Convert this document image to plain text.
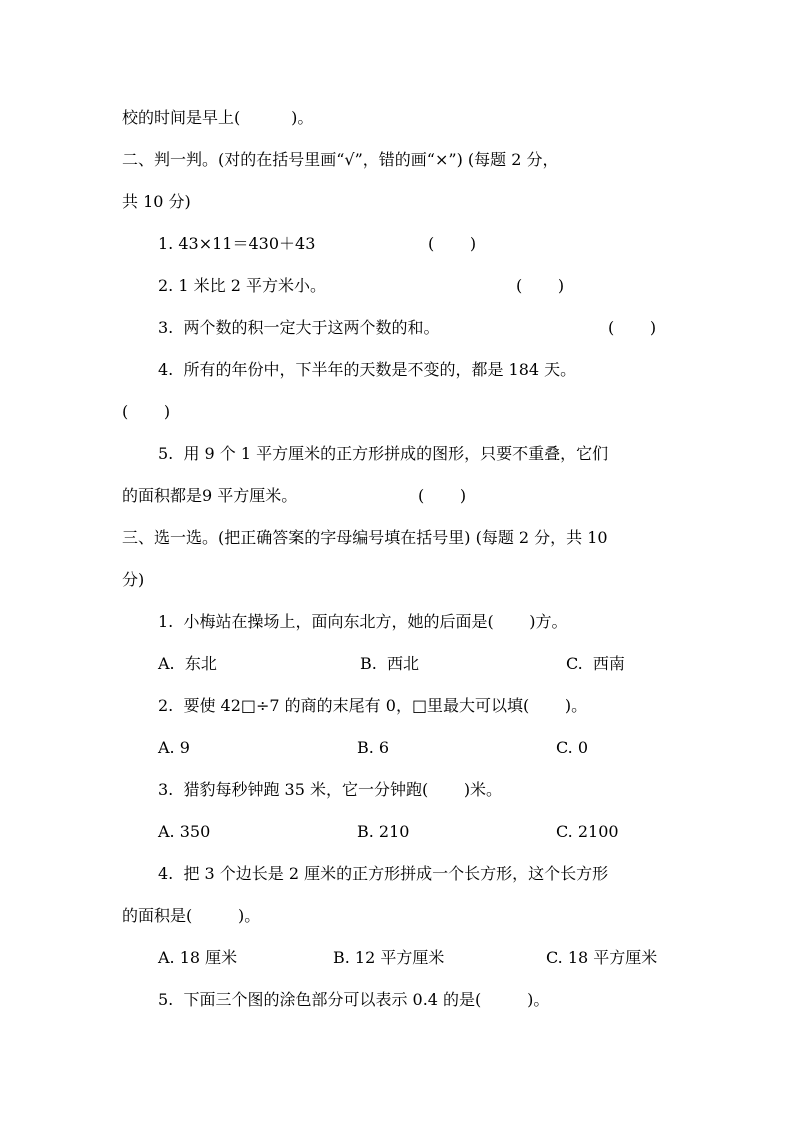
校的时间是早上(          )。
二、判一判。(对的在括号里画“√”，错的画“×”) (每题 2 分，
共 10 分)
1. 43×11＝430＋43	(       )
2. 1 米比 2 平方米小。	(       )
3.  两个数的积一定大于这两个数的和。	(       )
4.  所有的年份中，下半年的天数是不变的，都是 184 天。
(       )
5.  用 9 个 1 平方厘米的正方形拼成的图形，只要不重叠，它们
的面积都是9 平方厘米。	(       )
三、选一选。(把正确答案的字母编号填在括号里) (每题 2 分，共 10
分)
1.  小梅站在操场上，面向东北方，她的后面是(       )方。
A.  东北	B.  西北	C.  西南
2.  要使 42□÷7 的商的末尾有 0，□里最大可以填(       )。
A. 9	B. 6	C. 0
3.  猎豹每秒钟跑 35 米，它一分钟跑(       )米。
A. 350	B. 210	C. 2100
4.  把 3 个边长是 2 厘米的正方形拼成一个长方形，这个长方形
的面积是(         )。
A. 18 厘米	B. 12 平方厘米	C. 18 平方厘米
5.  下面三个图的涂色部分可以表示 0.4 的是(         )。
